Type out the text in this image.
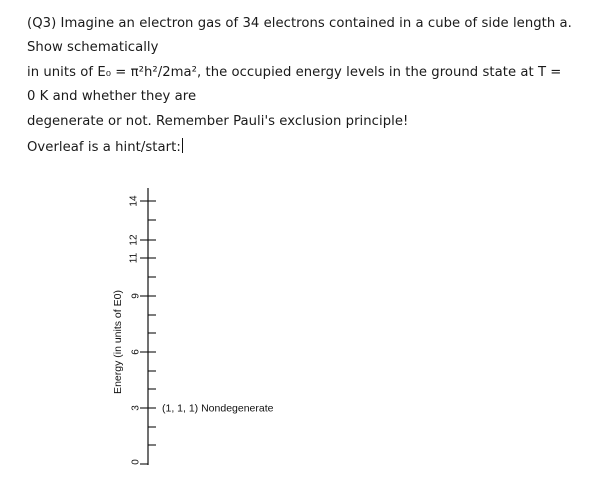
(Q3) Imagine an electron gas of 34 electrons contained in a cube of side length a.
Show schematically
in units of E₀ = π²h²/2ma², the occupied energy levels in the ground state at T =
0 K and whether they are
degenerate or not. Remember Pauli's exclusion principle!
Overleaf is a hint/start:
14
12
11
9
6
3
0
Energy (in units of E0)
(1, 1, 1) Nondegenerate
